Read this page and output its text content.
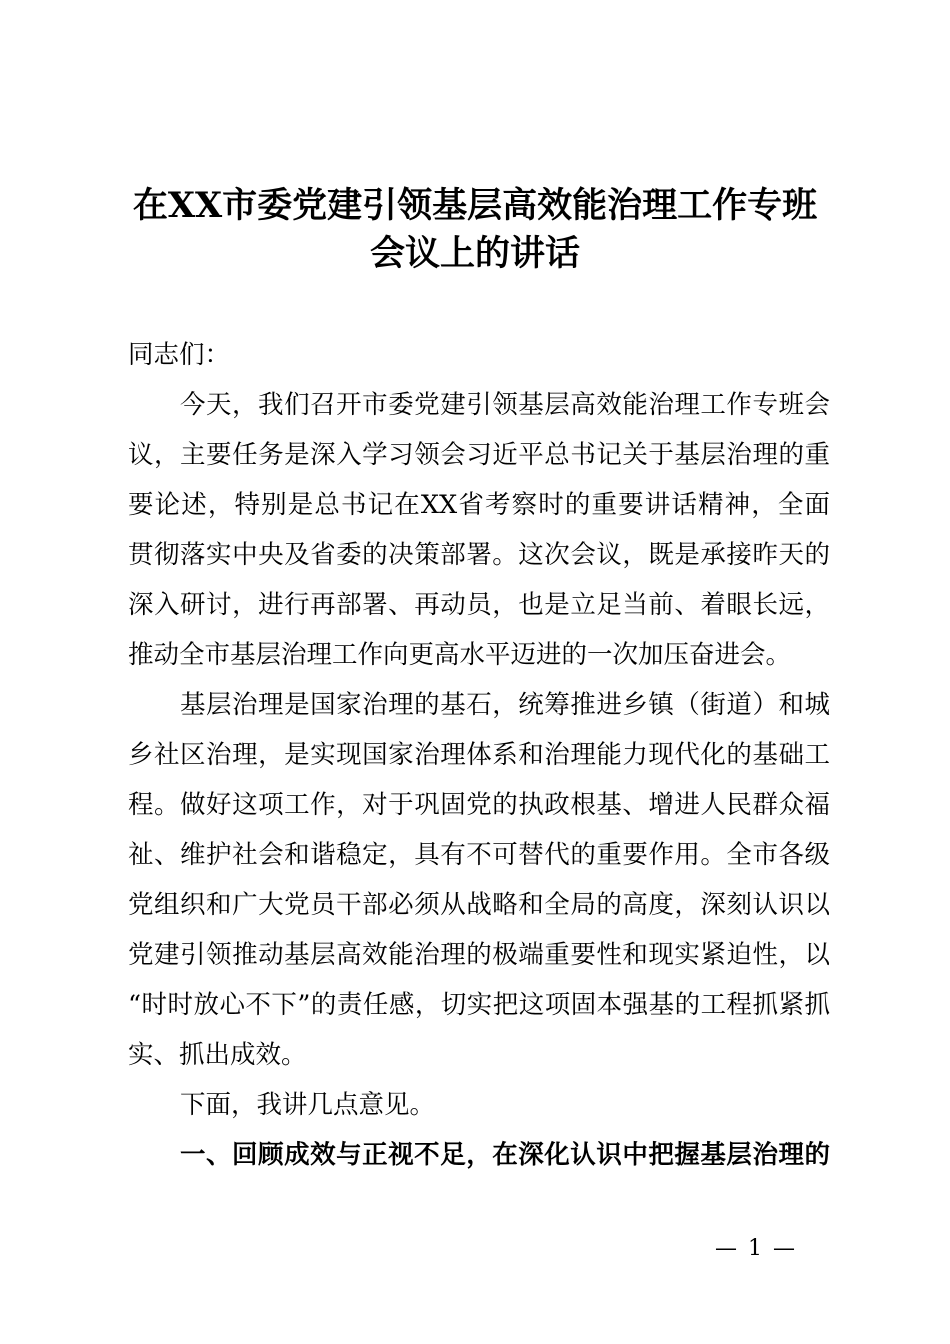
在XX市委党建引领基层高效能治理工作专班
会议上的讲话
同志们：
今天，我们召开市委党建引领基层高效能治理工作专班会
议，主要任务是深入学习领会习近平总书记关于基层治理的重
要论述，特别是总书记在XX省考察时的重要讲话精神，全面
贯彻落实中央及省委的决策部署。这次会议，既是承接昨天的
深入研讨，进行再部署、再动员，也是立足当前、着眼长远，
推动全市基层治理工作向更高水平迈进的一次加压奋进会。
基层治理是国家治理的基石，统筹推进乡镇（街道）和城
乡社区治理，是实现国家治理体系和治理能力现代化的基础工
程。做好这项工作，对于巩固党的执政根基、增进人民群众福
祉、维护社会和谐稳定，具有不可替代的重要作用。全市各级
党组织和广大党员干部必须从战略和全局的高度，深刻认识以
党建引领推动基层高效能治理的极端重要性和现实紧迫性，以
“时时放心不下”的责任感，切实把这项固本强基的工程抓紧抓
实、抓出成效。
下面，我讲几点意见。
一、回顾成效与正视不足，在深化认识中把握基层治理的
— 1 —
